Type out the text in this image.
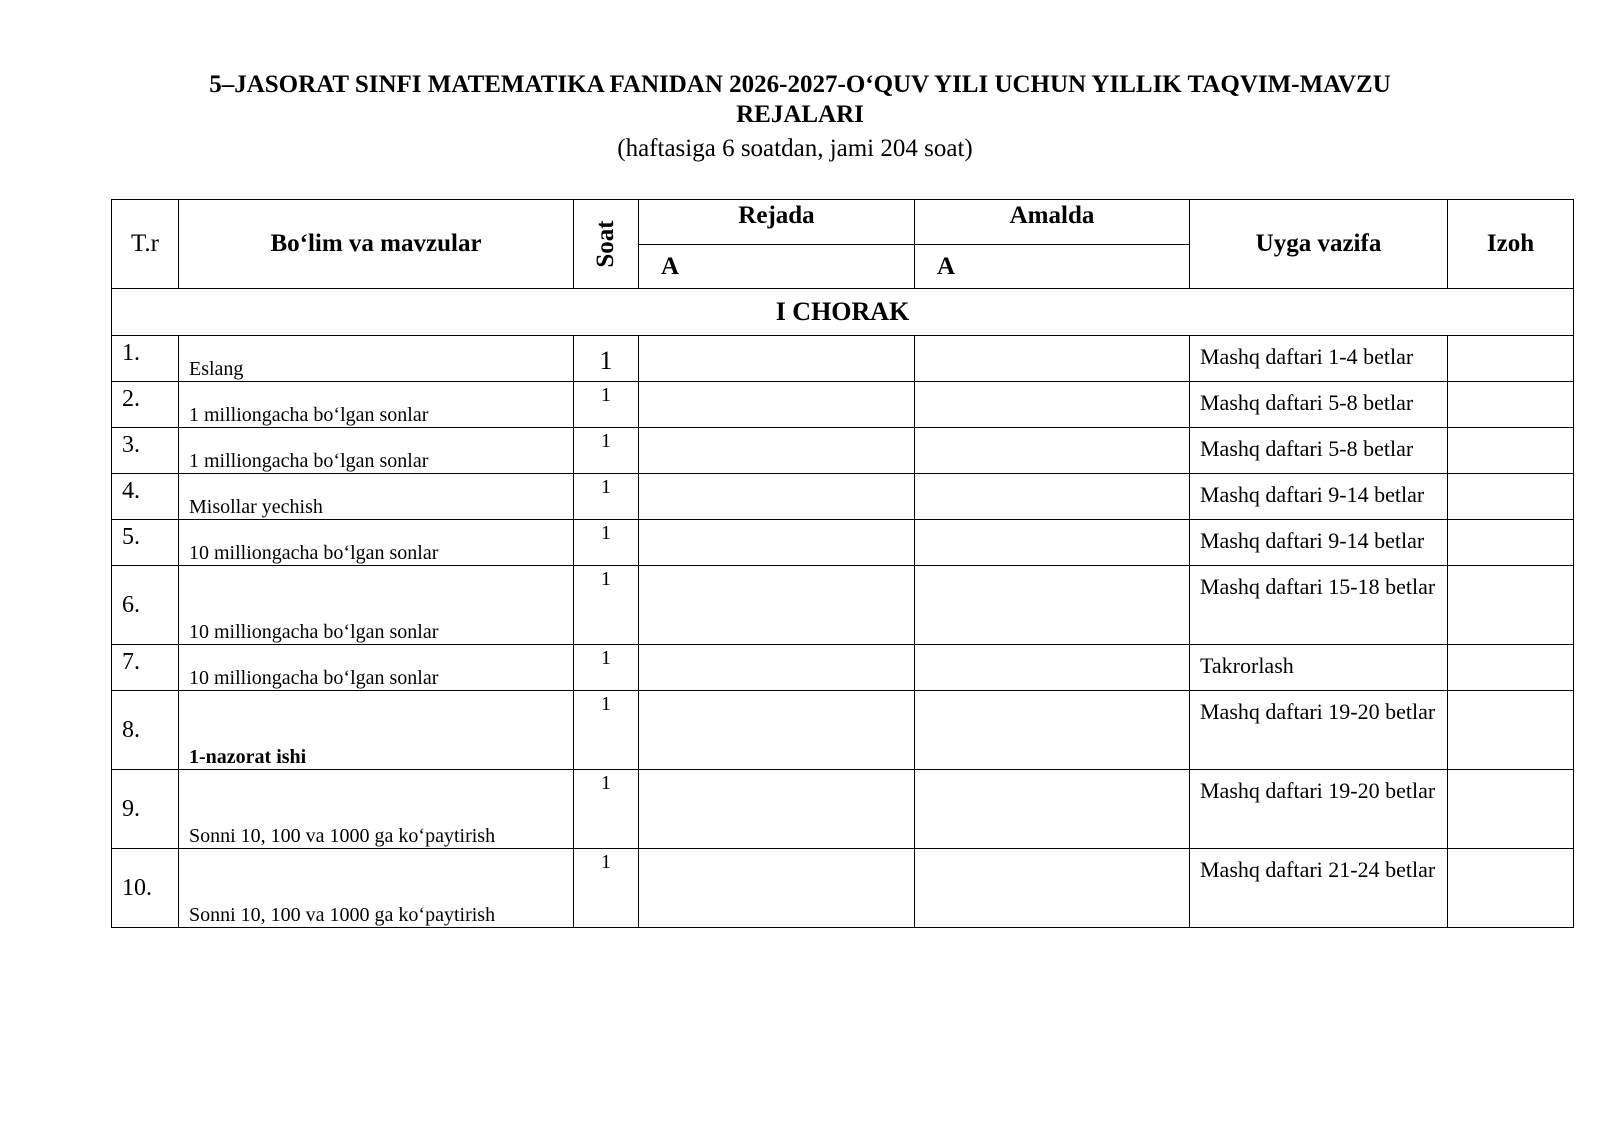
5–JASORAT SINFI MATEMATIKA FANIDAN 2026-2027-O‘QUV YILI UCHUN YILLIK TAQVIM-MAVZU
REJALARI

(haftasiga 6 soatdan, jami 204 soat)

T.r	Bo‘lim va mavzular	Soat	Rejada	Amalda	Uyga vazifa	Izoh
			A	A		
I CHORAK						
1.	Eslang	1			Mashq daftari 1-4 betlar	
2.	1 milliongacha bo‘lgan sonlar	1			Mashq daftari 5-8 betlar	
3.	1 milliongacha bo‘lgan sonlar	1			Mashq daftari 5-8 betlar	
4.	Misollar yechish	1			Mashq daftari 9-14 betlar	
5.	10 milliongacha bo‘lgan sonlar	1			Mashq daftari 9-14 betlar	
6.	10 milliongacha bo‘lgan sonlar	1			Mashq daftari 15-18 betlar	
7.	10 milliongacha bo‘lgan sonlar	1			Takrorlash	
8.	1-nazorat ishi	1			Mashq daftari 19-20 betlar	
9.	Sonni 10, 100 va 1000 ga ko‘paytirish	1			Mashq daftari 19-20 betlar	
10.	Sonni 10, 100 va 1000 ga ko‘paytirish	1			Mashq daftari 21-24 betlar	
